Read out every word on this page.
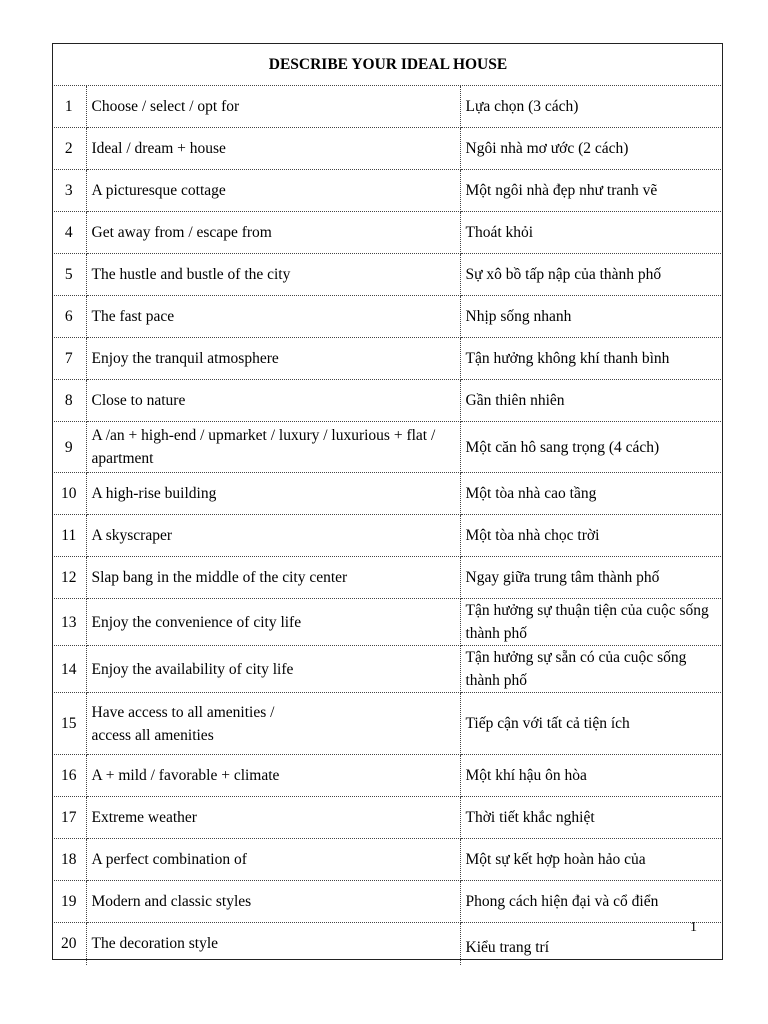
DESCRIBE YOUR IDEAL HOUSE		
1	Choose / select / opt for	Lựa chọn (3 cách)
2	Ideal / dream + house	Ngôi nhà mơ ước (2 cách)
3	A picturesque cottage	Một ngôi nhà đẹp như tranh vẽ
4	Get away from / escape from	Thoát khỏi
5	The hustle and bustle of the city	Sự xô bồ tấp nập của thành phố
6	The fast pace	Nhịp sống nhanh
7	Enjoy the tranquil atmosphere	Tận hưởng không khí thanh bình
8	Close to nature	Gần thiên nhiên
9	A /an + high-end / upmarket / luxury / luxurious + flat / apartment	Một căn hô sang trọng (4 cách)
10	A high-rise building	Một tòa nhà cao tầng
11	A skyscraper	Một tòa nhà chọc trời
12	Slap bang in the middle of the city center	Ngay giữa trung tâm thành phố
13	Enjoy the convenience of city life	Tận hưởng sự thuận tiện của cuộc sống thành phố
14	Enjoy the availability of city life	Tận hưởng sự sẵn có của cuộc sống thành phố
15	Have access to all amenities / access all amenities	Tiếp cận với tất cả tiện ích
16	A + mild / favorable + climate	Một khí hậu ôn hòa
17	Extreme weather	Thời tiết khắc nghiệt
18	A perfect combination of	Một sự kết hợp hoàn hảo của
19	Modern and classic styles	Phong cách hiện đại và cổ điển
20	The decoration style	Kiểu trang trí
1
